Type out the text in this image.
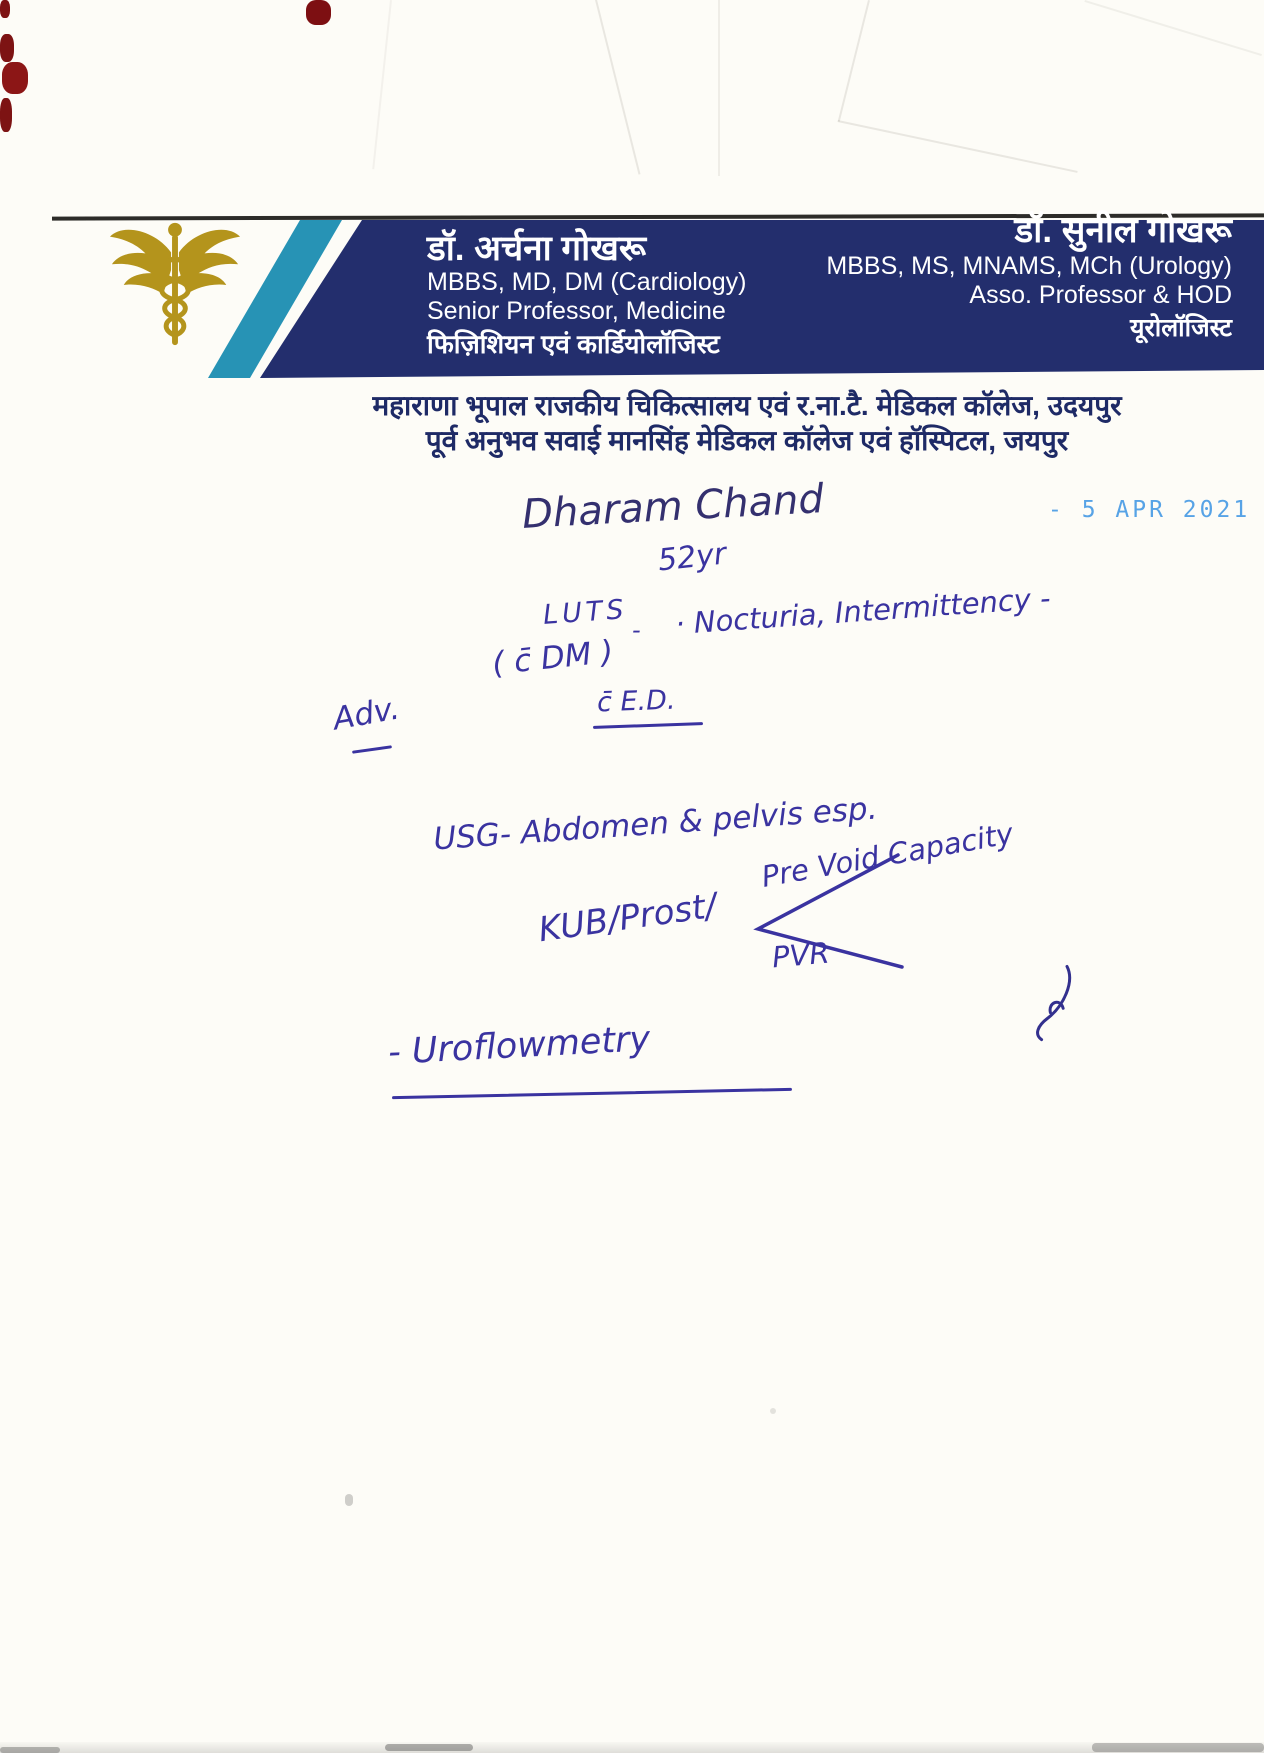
डॉ. अर्चना गोखरू
MBBS, MD, DM (Cardiology)
Senior Professor, Medicine
फिज़िशियन एवं कार्डियोलॉजिस्ट
डॉ. सुनील गोखरू
MBBS, MS, MNAMS, MCh (Urology)
Asso. Professor & HOD
यूरोलॉजिस्ट
महाराणा भूपाल राजकीय चिकित्सालय एवं र.ना.टै. मेडिकल कॉलेज, उदयपुर
पूर्व अनुभव सवाई मानसिंह मेडिकल कॉलेज एवं हॉस्पिटल, जयपुर
- 5 APR 2021
Dharam Chand
52yr
LUTS - · Nocturia, Intermittency -
( c̄ DM )
c̄ E.D.
Adv.
USG- Abdomen & pelvis esp.
KUB/Prost/
Pre Void Capacity
PVR
- Uroflowmetry
